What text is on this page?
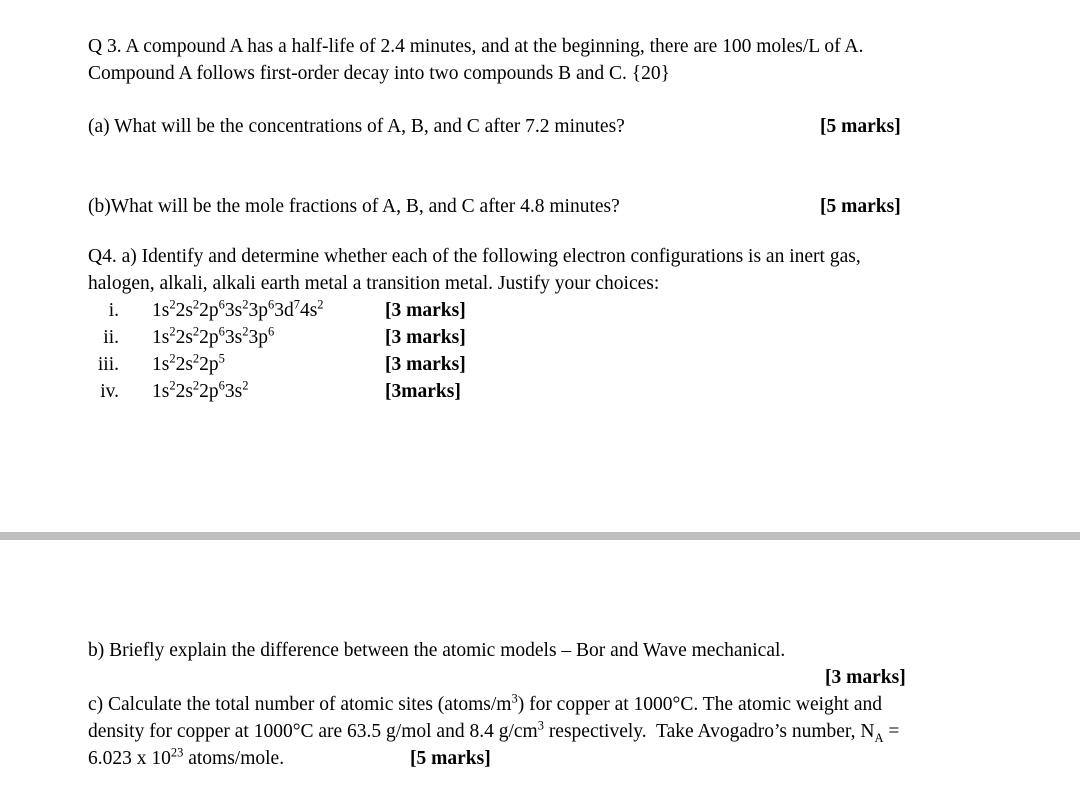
Q 3. A compound A has a half-life of 2.4 minutes, and at the beginning, there are 100 moles/L of A.
Compound A follows first-order decay into two compounds B and C. {20}
(a) What will be the concentrations of A, B, and C after 7.2 minutes?	[5 marks]
(b)What will be the mole fractions of A, B, and C after 4.8 minutes?	[5 marks]
Q4. a) Identify and determine whether each of the following electron configurations is an inert gas,
halogen, alkali, alkali earth metal a transition metal. Justify your choices:
i. $1s^22s^22p^63s^23p^63d^74s^2$	[3 marks]
ii. $1s^22s^22p^63s^23p^6$	[3 marks]
iii. $1s^22s^22p^5$	[3 marks]
iv. $1s^22s^22p^63s^2$	[3marks]
b) Briefly explain the difference between the atomic models – Bor and Wave mechanical.
[3 marks]
c) Calculate the total number of atomic sites $(atoms/m^3)$ for copper at 1000°C. The atomic weight and
density for copper at 1000°C are 63.5 g/mol and 8.4 $g/cm^3$ respectively.  Take Avogadro’s number, $N_A$ =
6.023 x $10^{23}$ atoms/mole.	[5 marks]
